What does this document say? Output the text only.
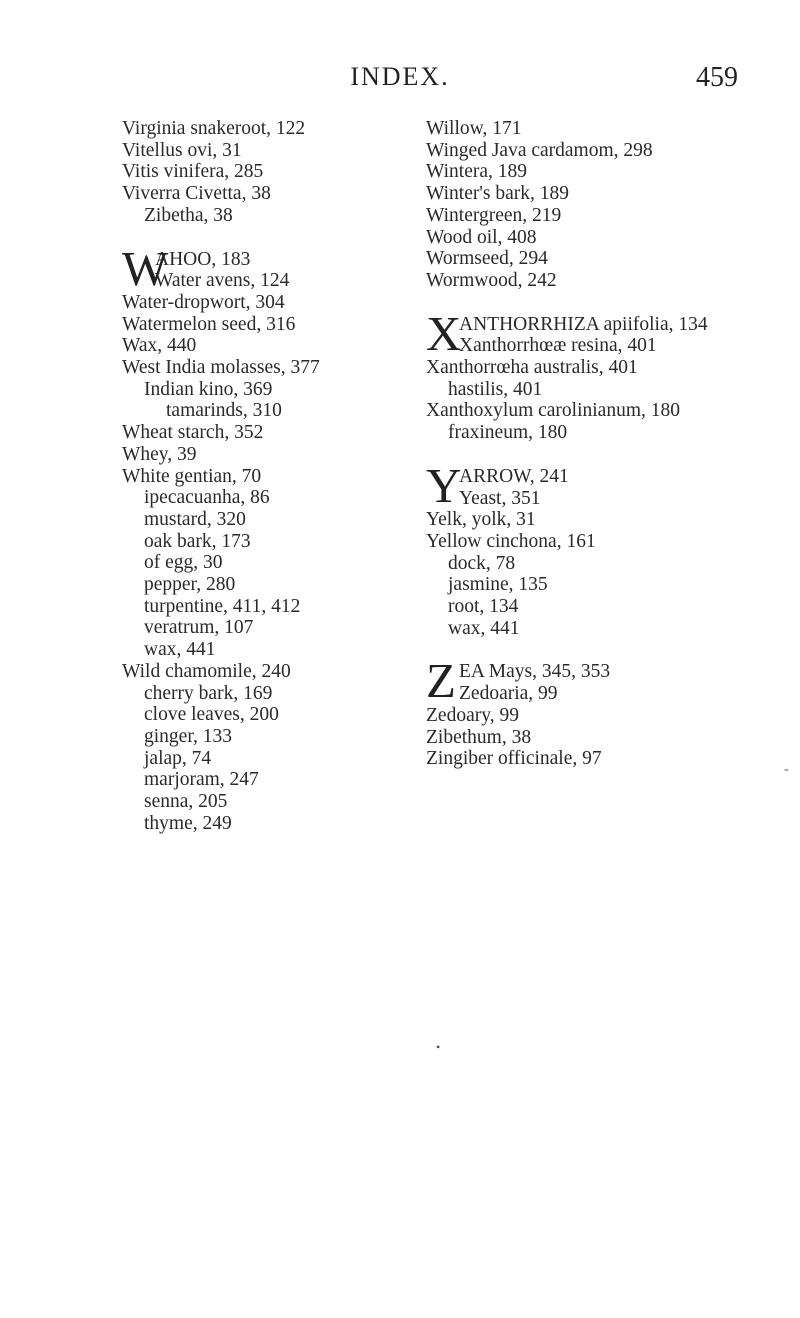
INDEX.	459
Virginia snakeroot, 122
Vitellus ovi, 31
Vitis vinifera, 285
Viverra Civetta, 38
Zibetha, 38
W
AHOO, 183
Water avens, 124
Water-dropwort, 304
Watermelon seed, 316
Wax, 440
West India molasses, 377
Indian kino, 369
tamarinds, 310
Wheat starch, 352
Whey, 39
White gentian, 70
ipecacuanha, 86
mustard, 320
oak bark, 173
of egg, 30
pepper, 280
turpentine, 411, 412
veratrum, 107
wax, 441
Wild chamomile, 240
cherry bark, 169
clove leaves, 200
ginger, 133
jalap, 74
marjoram, 247
senna, 205
thyme, 249
Willow, 171
Winged Java cardamom, 298
Wintera, 189
Winter's bark, 189
Wintergreen, 219
Wood oil, 408
Wormseed, 294
Wormwood, 242
X
ANTHORRHIZA apiifolia, 134
Xanthorrhœæ resina, 401
Xanthorrœha australis, 401
hastilis, 401
Xanthoxylum carolinianum, 180
fraxineum, 180
Y
ARROW, 241
Yeast, 351
Yelk, yolk, 31
Yellow cinchona, 161
dock, 78
jasmine, 135
root, 134
wax, 441
Z EA Mays, 345, 353
Zedoaria, 99
Zedoary, 99
Zibethum, 38
Zingiber officinale, 97
-
•
